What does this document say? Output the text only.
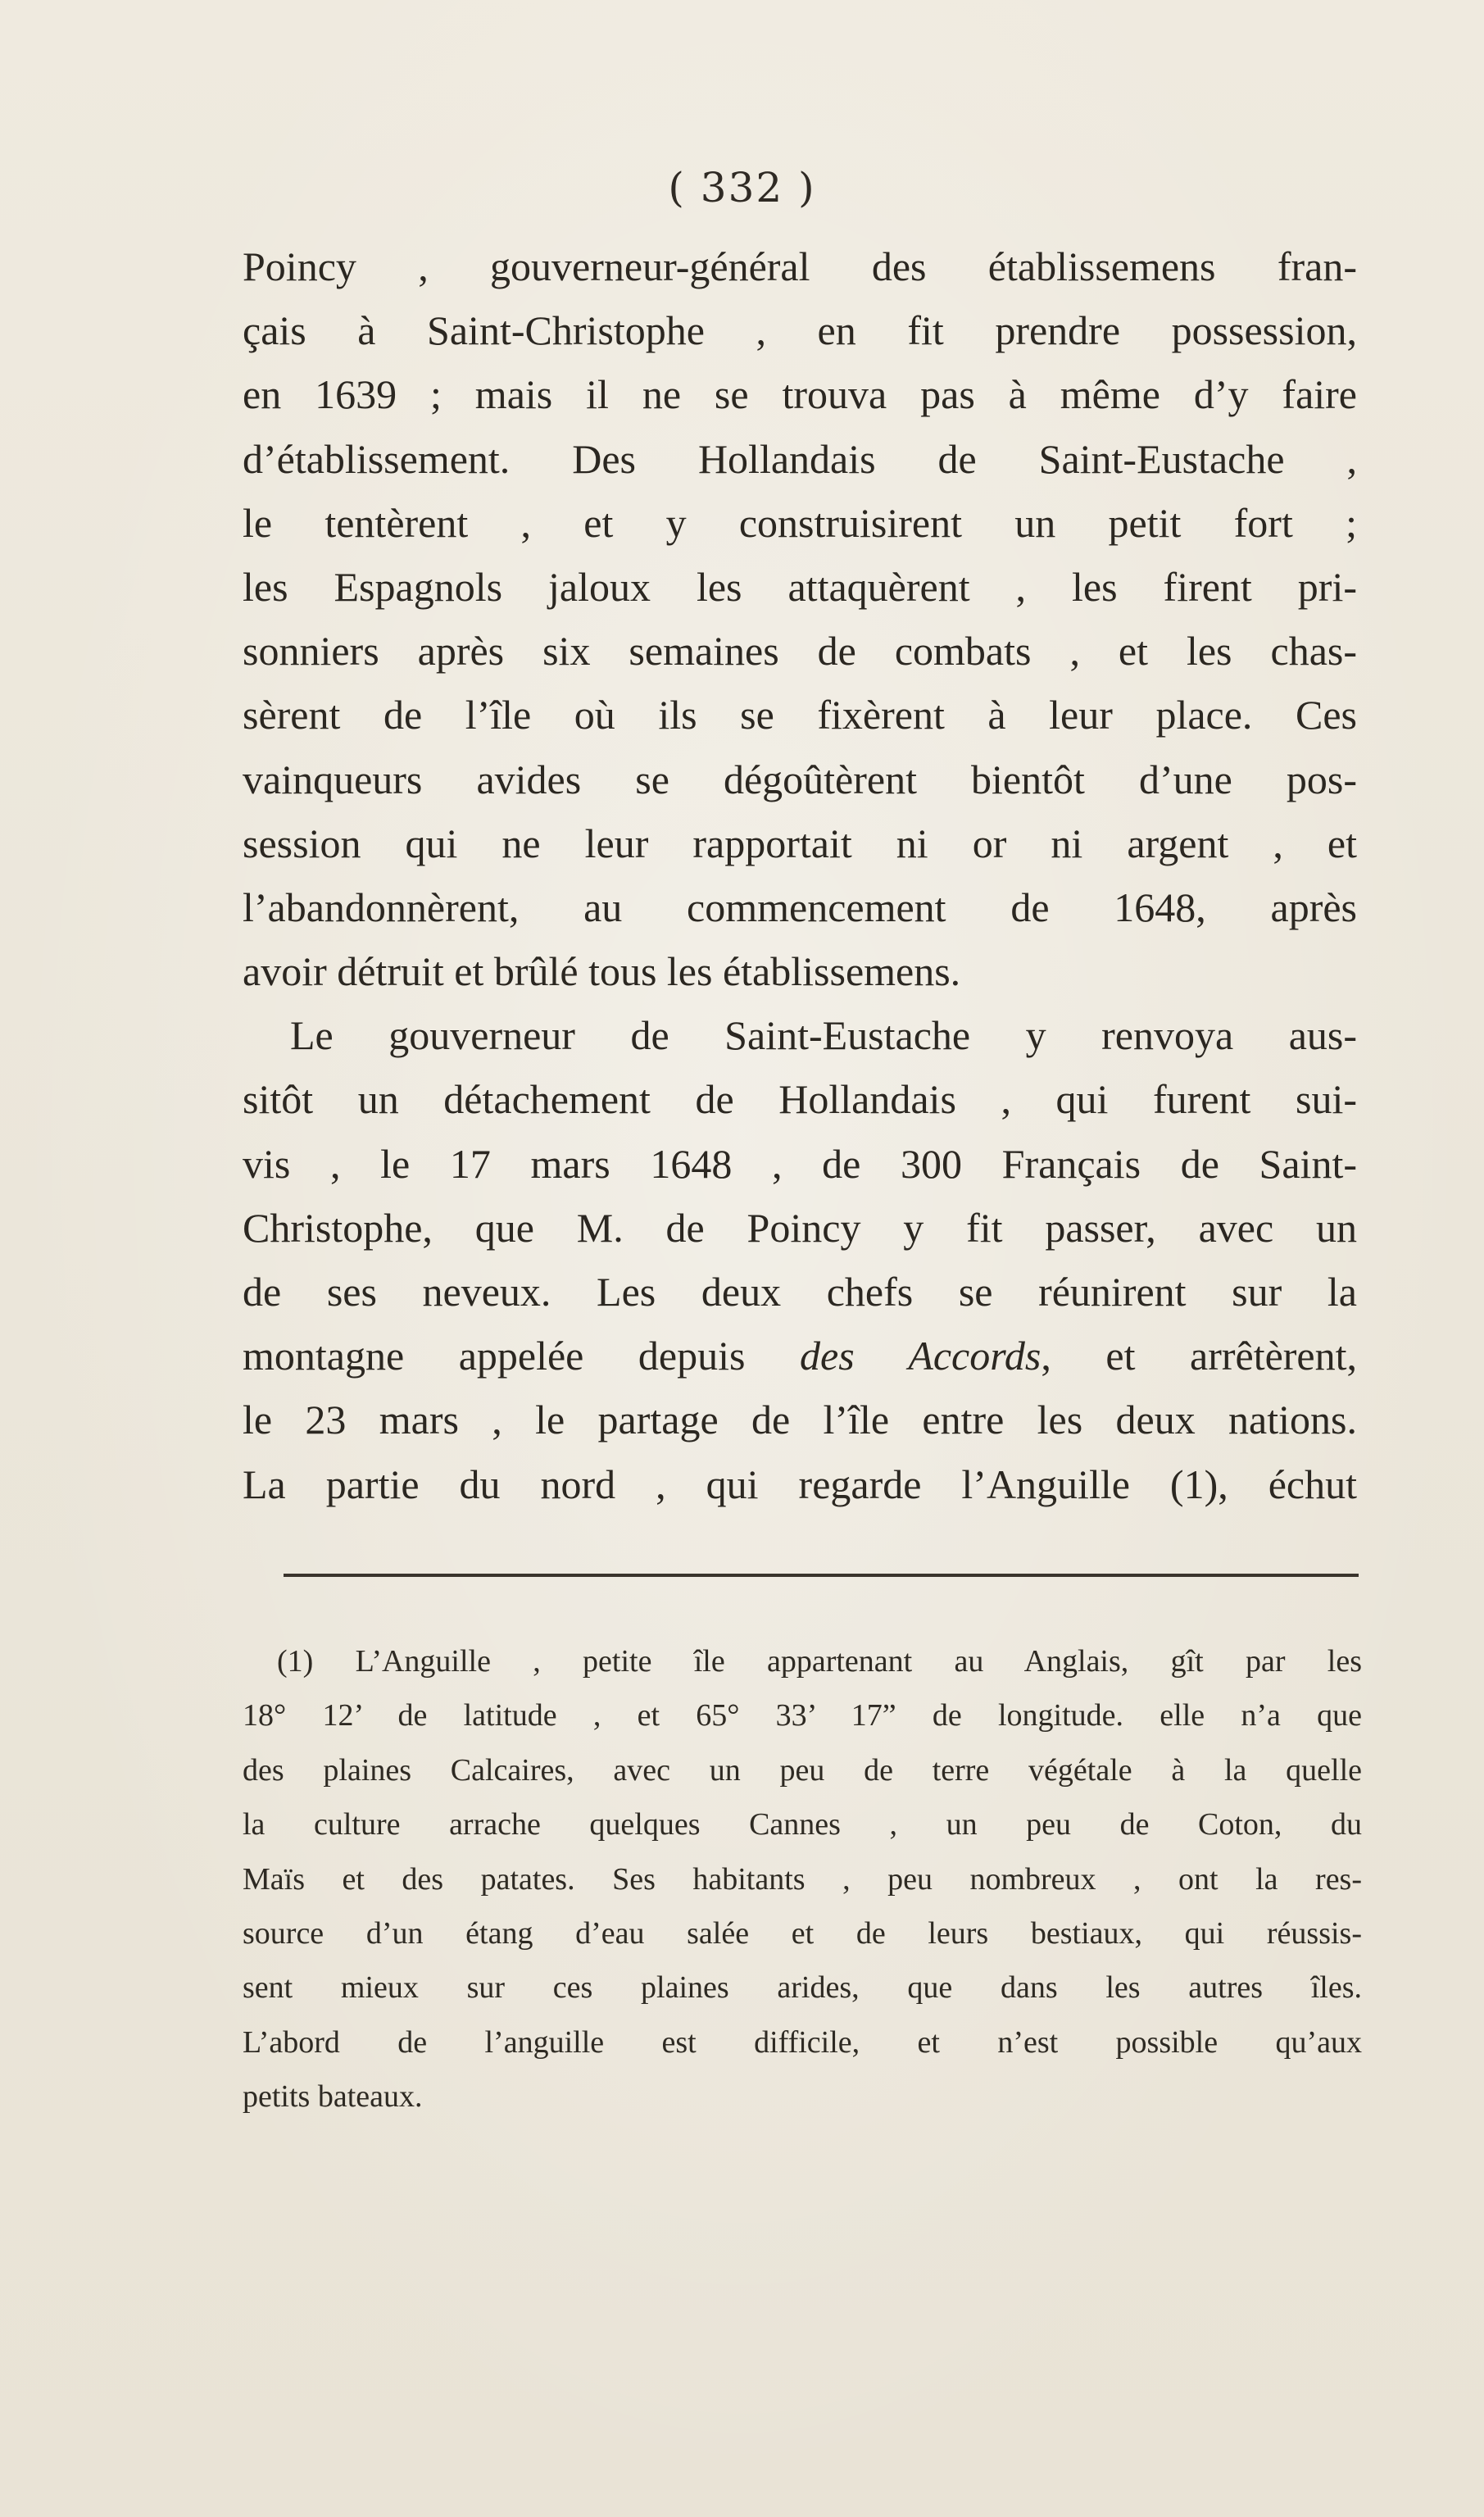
( 332 )
Poincy , gouverneur-général des établissemens fran-
çais à Saint-Christophe , en fit prendre possession,
en 1639 ; mais il ne se trouva pas à même d’y faire
d’établissement. Des Hollandais de Saint-Eustache ,
le tentèrent , et y construisirent un petit fort ;
les Espagnols jaloux les attaquèrent , les firent pri-
sonniers après six semaines de combats , et les chas-
sèrent de l’île où ils se fixèrent à leur place. Ces
vainqueurs avides se dégoûtèrent bientôt d’une pos-
session qui ne leur rapportait ni or ni argent , et
l’abandonnèrent, au commencement de 1648, après
avoir détruit et brûlé tous les établissemens.
Le gouverneur de Saint-Eustache y renvoya aus-
sitôt un détachement de Hollandais , qui furent sui-
vis , le 17 mars 1648 , de 300 Français de Saint-
Christophe, que M. de Poincy y fit passer, avec un
de ses neveux. Les deux chefs se réunirent sur la
montagne appelée depuis des Accords, et arrêtèrent,
le 23 mars , le partage de l’île entre les deux nations.
La partie du nord , qui regarde l’Anguille (1), échut
(1) L’Anguille , petite île appartenant au Anglais, gît par les
18° 12’ de latitude , et 65° 33’ 17” de longitude. elle n’a que
des plaines Calcaires, avec un peu de terre végétale à la quelle
la culture arrache quelques Cannes , un peu de Coton, du
Maïs et des patates. Ses habitants , peu nombreux , ont la res-
source d’un étang d’eau salée et de leurs bestiaux, qui réussis-
sent mieux sur ces plaines arides, que dans les autres îles.
L’abord de l’anguille est difficile, et n’est possible qu’aux
petits bateaux.
